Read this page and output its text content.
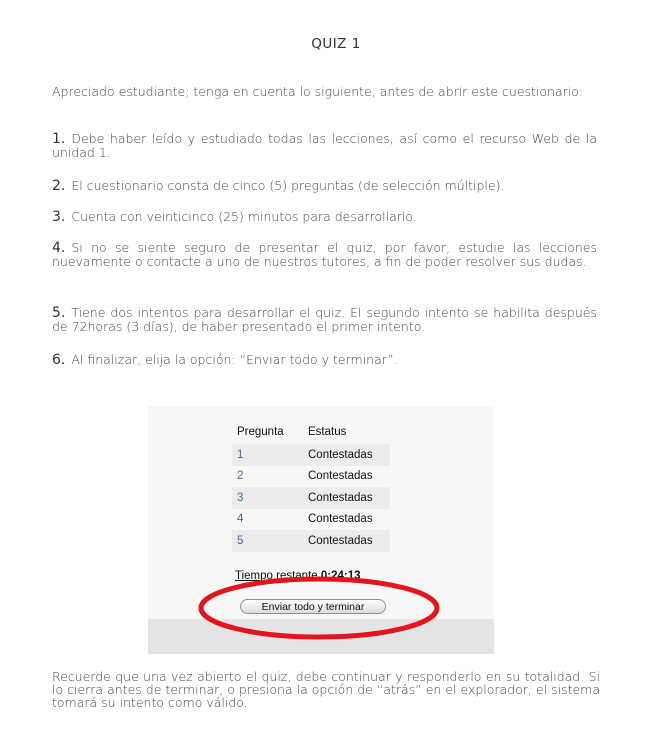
QUIZ 1
Apreciado estudiante; tenga en cuenta lo siguiente, antes de abrir este cuestionario:
1. Debe haber leído y estudiado todas las lecciones, así como el recurso Web de la unidad 1.
2. El cuestionario consta de cinco (5) preguntas (de selección múltiple).
3. Cuenta con veinticinco (25) minutos para desarrollarlo.
4. Si no se siente seguro de presentar el quiz, por favor, estudie las lecciones nuevamente o contacte a uno de nuestros tutores, a fin de poder resolver sus dudas.
5. Tiene dos intentos para desarrollar el quiz. El segundo intento se habilita después de 72horas (3 días), de haber presentado el primer intento.
6. Al finalizar, elija la opción: “Enviar todo y terminar”.
Pregunta	Estatus
1	Contestadas
2	Contestadas
3	Contestadas
4	Contestadas
5	Contestadas
Tiempo restante 0:24:13
Enviar todo y terminar
Recuerde que una vez abierto el quiz, debe continuar y responderlo en su totalidad. Si lo cierra antes de terminar, o presiona la opción de “atrás” en el explorador, el sistema tomará su intento como válido.
